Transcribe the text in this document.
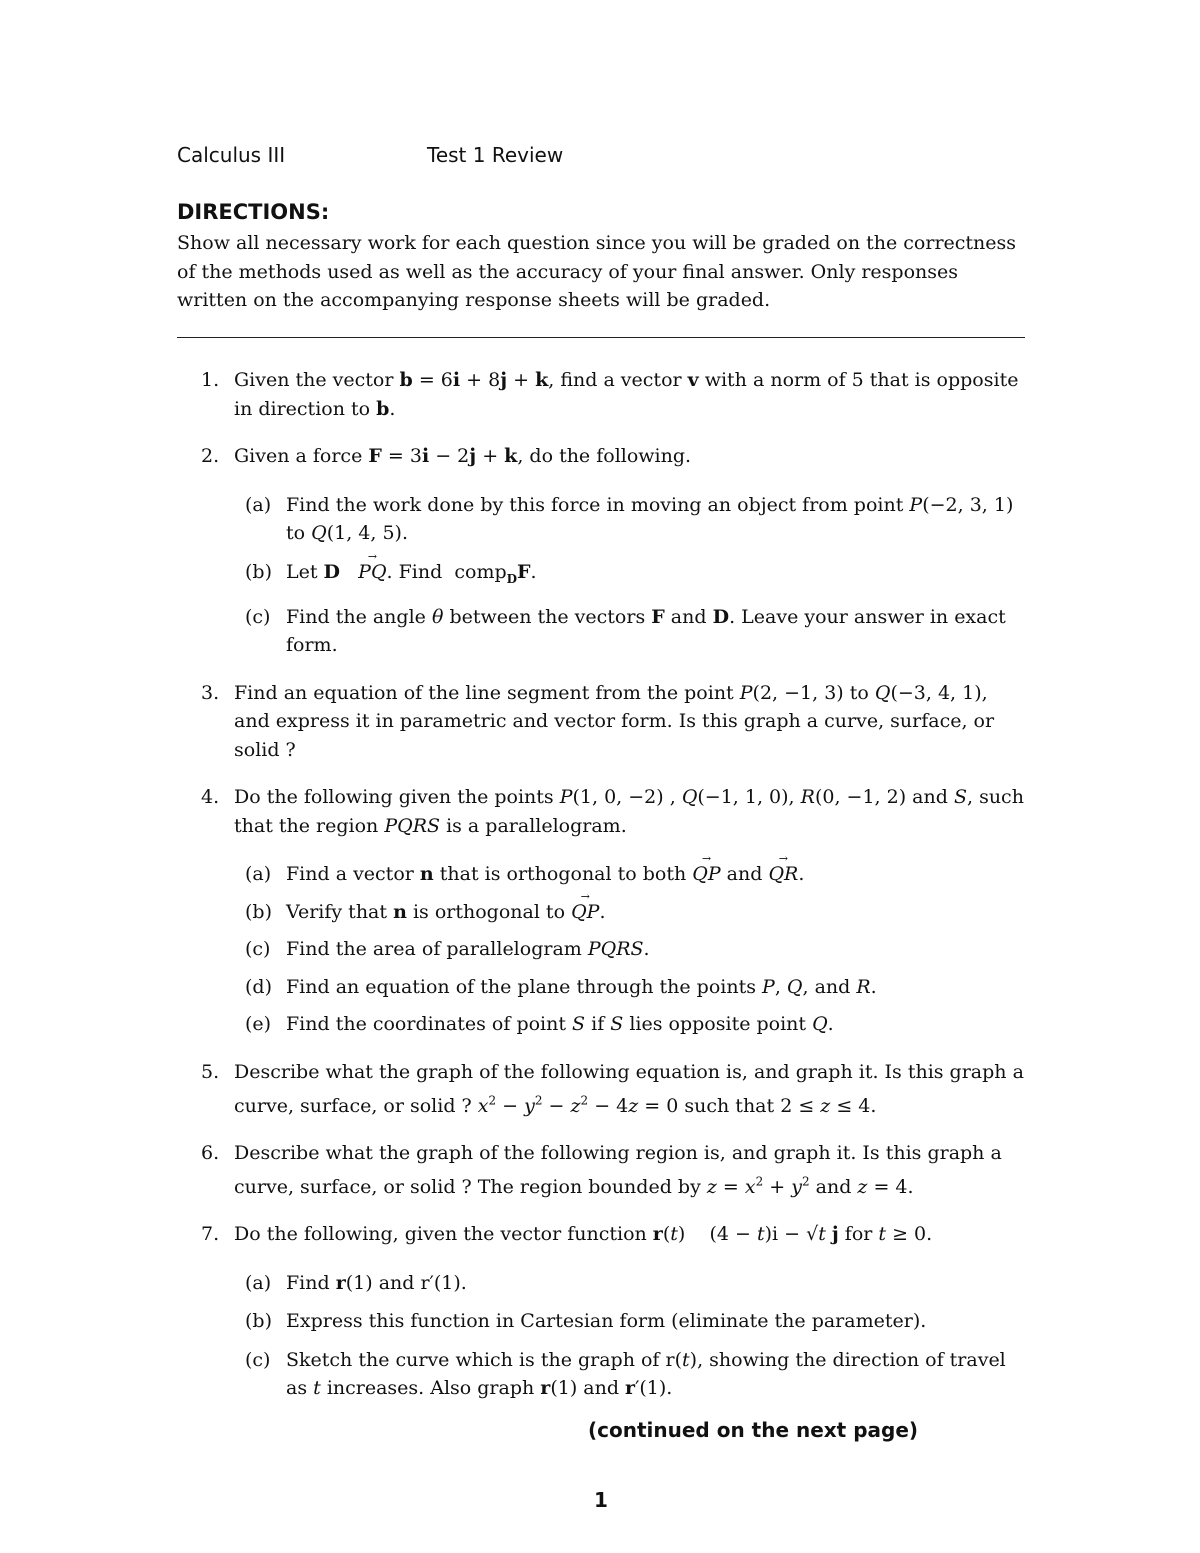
Calculus III	Test 1 Review
DIRECTIONS:
Show all necessary work for each question since you will be graded on the correctness of the methods used as well as the accuracy of your final answer. Only responses written on the accompanying response sheets will be graded.
1. Given the vector b = 6i + 8j + k, find a vector v with a norm of 5 that is opposite in direction to b.
2. Given a force F = 3i − 2j + k, do the following.
(a) Find the work done by this force in moving an object from point P(−2, 3, 1) to Q(1, 4, 5).
(b) Let D → PQ. Find  comp$_D$F.
(c) Find the angle θ between the vectors F and D. Leave your answer in exact form.
3. Find an equation of the line segment from the point P(2, −1, 3) to Q(−3, 4, 1), and express it in parametric and vector form. Is this graph a curve, surface, or solid ?
4. Do the following given the points P(1, 0, −2) , Q(−1, 1, 0), R(0, −1, 2) and S, such that the region PQRS is a parallelogram.
(a) Find a vector n that is orthogonal to both → QP and → QR.
(b) Verify that n is orthogonal to → QP.
(c) Find the area of parallelogram PQRS.
(d) Find an equation of the plane through the points P, Q, and R.
(e) Find the coordinates of point S if S lies opposite point Q.
5. Describe what the graph of the following equation is, and graph it. Is this graph a curve, surface, or solid ? $x^2 - y^2 - z^2 - 4z = 0$ such that 2 ≤ z ≤ 4.
6. Describe what the graph of the following region is, and graph it. Is this graph a curve, surface, or solid ? The region bounded by $z = x^2 + y^2$ and z = 4.
7. Do the following, given the vector function r(t)    (4 − t)i − √t j for t ≥ 0.
(a) Find r(1) and r′(1).
(b) Express this function in Cartesian form (eliminate the parameter).
(c) Sketch the curve which is the graph of r(t), showing the direction of travel as t increases. Also graph r(1) and r′(1).
(continued on the next page)
1
